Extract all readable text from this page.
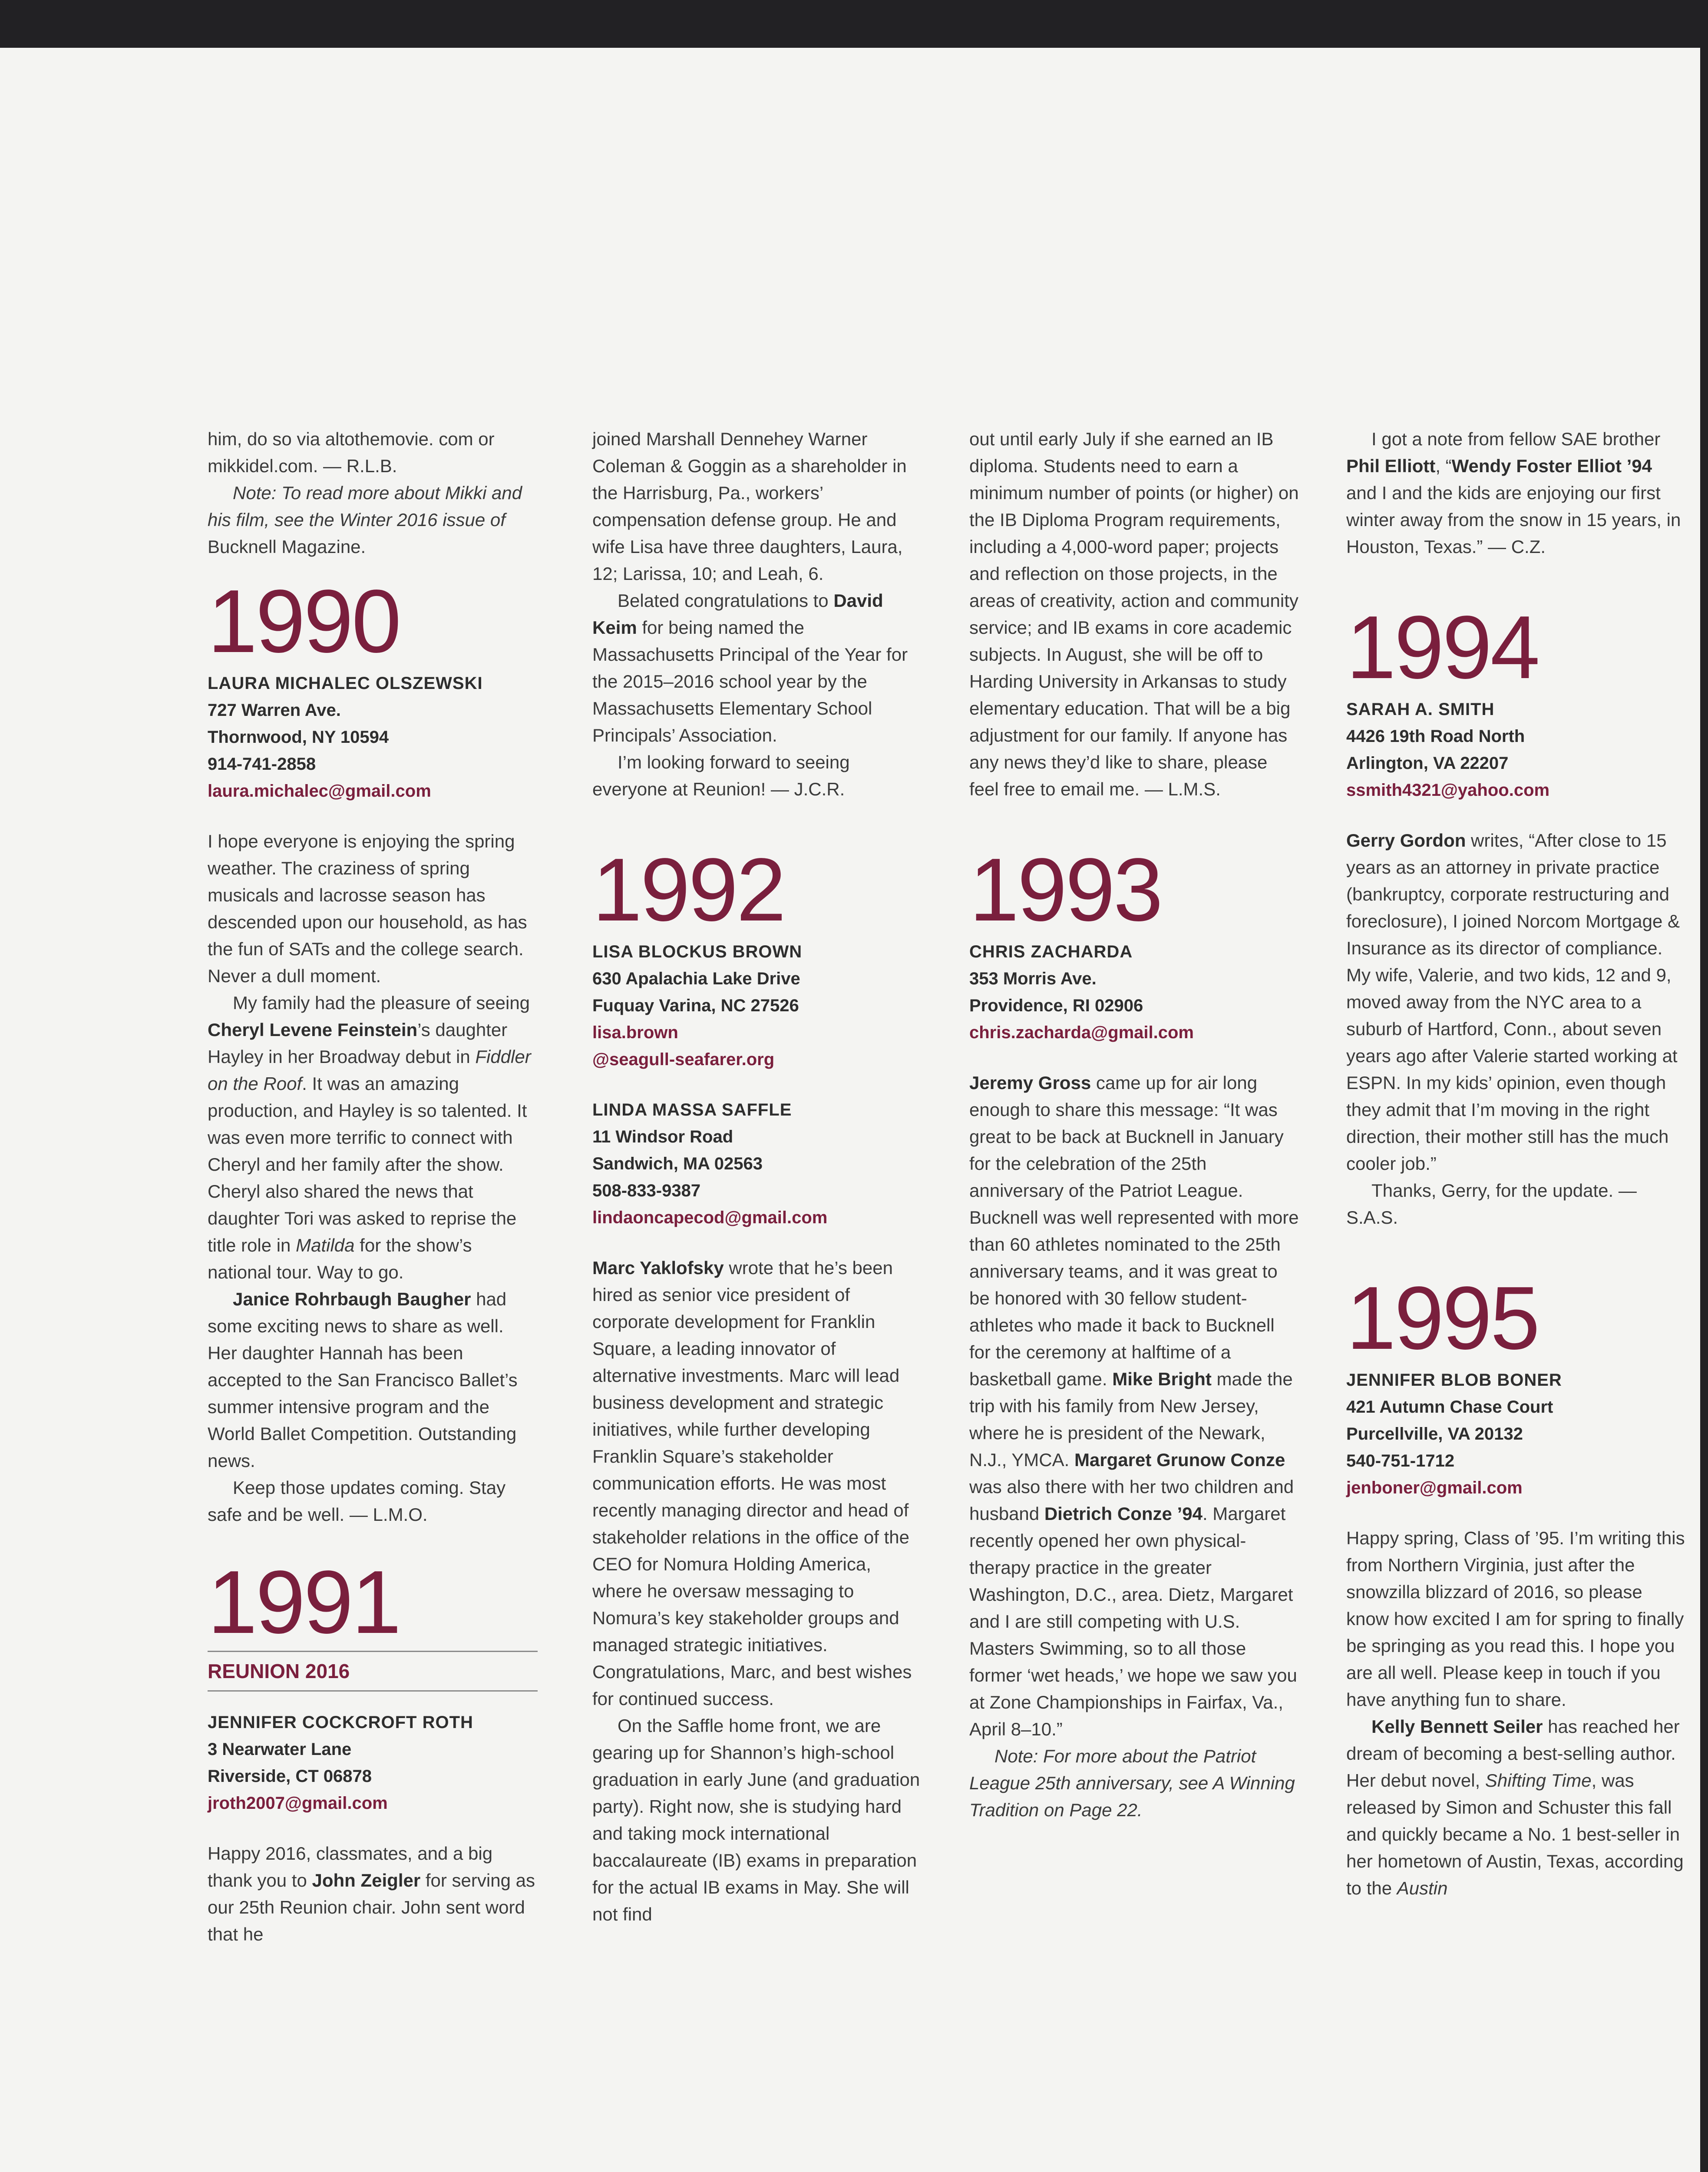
him, do so via altothemovie. com or mikkidel.com. — R.L.B.

Note: To read more about Mikki and his film, see the Winter 2016 issue of Bucknell Magazine.

1990
LAURA MICHALEC OLSZEWSKI
727 Warren Ave.
Thornwood, NY 10594
914-741-2858
laura.michalec@gmail.com

I hope everyone is enjoying the spring weather. The craziness of spring musicals and lacrosse season has descended upon our household, as has the fun of SATs and the college search. Never a dull moment.

My family had the pleasure of seeing Cheryl Levene Feinstein’s daughter Hayley in her Broadway debut in Fiddler on the Roof. It was an amazing production, and Hayley is so talented. It was even more terrific to connect with Cheryl and her family after the show. Cheryl also shared the news that daughter Tori was asked to reprise the title role in Matilda for the show’s national tour. Way to go.

Janice Rohrbaugh Baugher had some exciting news to share as well. Her daughter Hannah has been accepted to the San Francisco Ballet’s summer intensive program and the World Ballet Competition. Outstanding news.

Keep those updates coming. Stay safe and be well. — L.M.O.

1991
REUNION 2016
JENNIFER COCKCROFT ROTH
3 Nearwater Lane
Riverside, CT 06878
jroth2007@gmail.com

Happy 2016, classmates, and a big thank you to John Zeigler for serving as our 25th Reunion chair. John sent word that he

joined Marshall Dennehey Warner Coleman & Goggin as a shareholder in the Harrisburg, Pa., workers’ compensation defense group. He and wife Lisa have three daughters, Laura, 12; Larissa, 10; and Leah, 6.

Belated congratulations to David Keim for being named the Massachusetts Principal of the Year for the 2015–2016 school year by the Massachusetts Elementary School Principals’ Association.

I’m looking forward to seeing everyone at Reunion! — J.C.R.

1992
LISA BLOCKUS BROWN
630 Apalachia Lake Drive
Fuquay Varina, NC 27526
lisa.brown
@seagull-seafarer.org
LINDA MASSA SAFFLE
11 Windsor Road
Sandwich, MA 02563
508-833-9387
lindaoncapecod@gmail.com

Marc Yaklofsky wrote that he’s been hired as senior vice president of corporate development for Franklin Square, a leading innovator of alternative investments. Marc will lead business development and strategic initiatives, while further developing Franklin Square’s stakeholder communication efforts. He was most recently managing director and head of stakeholder relations in the office of the CEO for Nomura Holding America, where he oversaw messaging to Nomura’s key stakeholder groups and managed strategic initiatives. Congratulations, Marc, and best wishes for continued success.

On the Saffle home front, we are gearing up for Shannon’s high-school graduation in early June (and graduation party). Right now, she is studying hard and taking mock international baccalaureate (IB) exams in preparation for the actual IB exams in May. She will not find

out until early July if she earned an IB diploma. Students need to earn a minimum number of points (or higher) on the IB Diploma Program requirements, including a 4,000-word paper; projects and reflection on those projects, in the areas of creativity, action and community service; and IB exams in core academic subjects. In August, she will be off to Harding University in Arkansas to study elementary education. That will be a big adjustment for our family. If anyone has any news they’d like to share, please feel free to email me. — L.M.S.

1993
CHRIS ZACHARDA
353 Morris Ave.
Providence, RI 02906
chris.zacharda@gmail.com

Jeremy Gross came up for air long enough to share this message: “It was great to be back at Bucknell in January for the celebration of the 25th anniversary of the Patriot League. Bucknell was well represented with more than 60 athletes nominated to the 25th anniversary teams, and it was great to be honored with 30 fellow student-athletes who made it back to Bucknell for the ceremony at halftime of a basketball game. Mike Bright made the trip with his family from New Jersey, where he is president of the Newark, N.J., YMCA. Margaret Grunow Conze was also there with her two children and husband Dietrich Conze ’94. Margaret recently opened her own physical-therapy practice in the greater Washington, D.C., area. Dietz, Margaret and I are still competing with U.S. Masters Swimming, so to all those former ‘wet heads,’ we hope we saw you at Zone Championships in Fairfax, Va., April 8–10.”

Note: For more about the Patriot League 25th anniversary, see A Winning Tradition on Page 22.

I got a note from fellow SAE brother Phil Elliott, “Wendy Foster Elliot ’94 and I and the kids are enjoying our first winter away from the snow in 15 years, in Houston, Texas.” — C.Z.

1994
SARAH A. SMITH
4426 19th Road North
Arlington, VA 22207
ssmith4321@yahoo.com

Gerry Gordon writes, “After close to 15 years as an attorney in private practice (bankruptcy, corporate restructuring and foreclosure), I joined Norcom Mortgage & Insurance as its director of compliance. My wife, Valerie, and two kids, 12 and 9, moved away from the NYC area to a suburb of Hartford, Conn., about seven years ago after Valerie started working at ESPN. In my kids’ opinion, even though they admit that I’m moving in the right direction, their mother still has the much cooler job.”

Thanks, Gerry, for the update. — S.A.S.

1995
JENNIFER BLOB BONER
421 Autumn Chase Court
Purcellville, VA 20132
540-751-1712
jenboner@gmail.com

Happy spring, Class of ’95. I’m writing this from Northern Virginia, just after the snowzilla blizzard of 2016, so please know how excited I am for spring to finally be springing as you read this. I hope you are all well. Please keep in touch if you have anything fun to share.

Kelly Bennett Seiler has reached her dream of becoming a best-selling author. Her debut novel, Shifting Time, was released by Simon and Schuster this fall and quickly became a No. 1 best-seller in her hometown of Austin, Texas, according to the Austin
